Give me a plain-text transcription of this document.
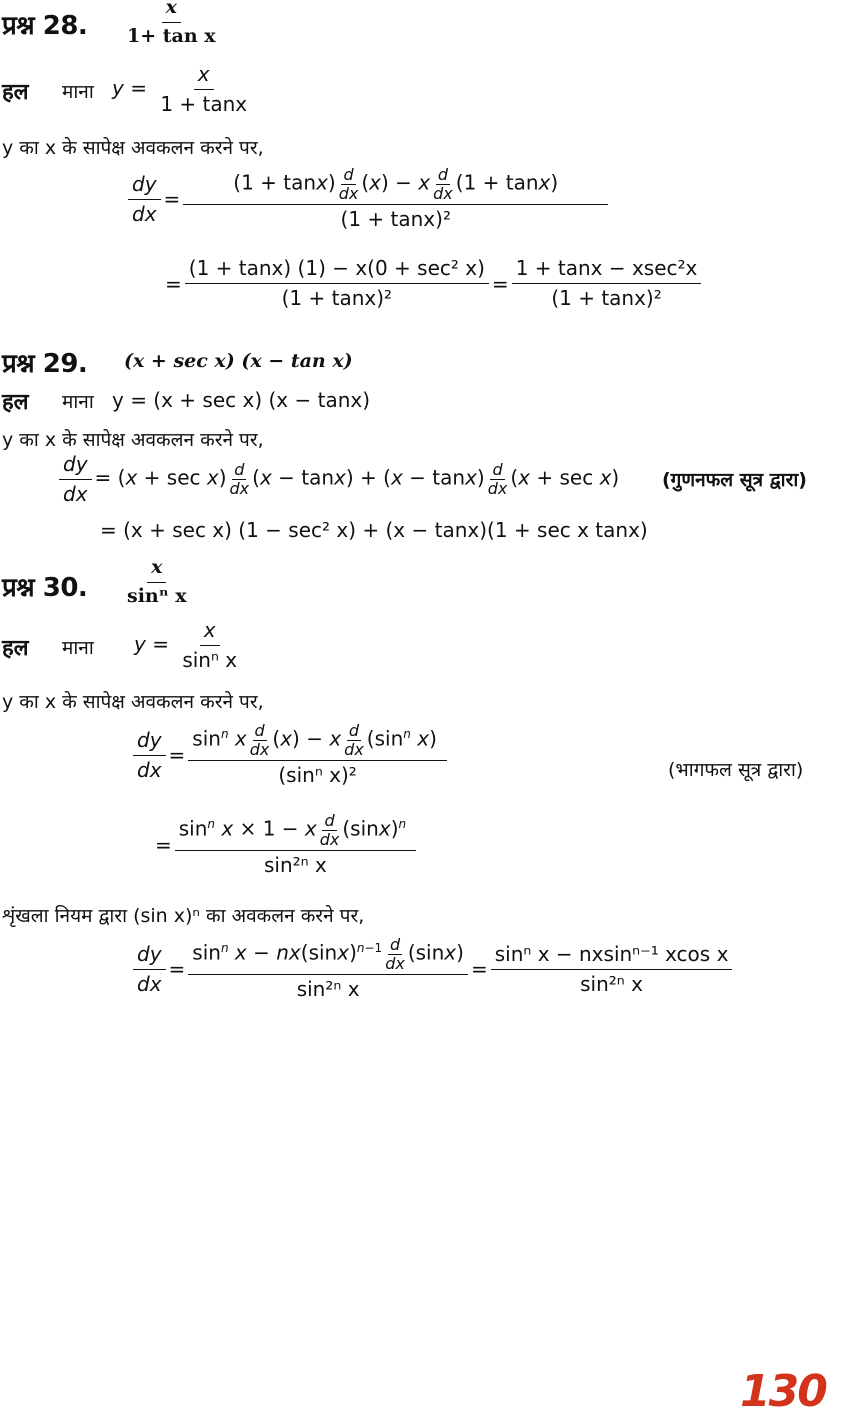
प्रश्न 28. $\frac{x}{\text{1+ tan x}}$
हल माना $y = \frac{x}{1 + \tan x}$
y का x के सापेक्ष अवकलन करने पर,
$\frac{dy}{dx} = \frac{(1 + \tan x) \frac{d}{dx} (x) - x \frac{d}{dx} (1 + \tan x)}{\text{(1 + tanx)²}}$
= $\frac{\text{(1 + tanx) (1) − x(0 + sec² x)}}{\text{(1 + tanx)²}} = \frac{\text{1 + tanx − xsec²x}}{\text{(1 + tanx)²}}$
प्रश्न 29. (x + sec x) (x − tan x)
हल माना y = (x + sec x) (x − tanx)
y का x के सापेक्ष अवकलन करने पर,
$\frac{dy}{dx} = (x + \sec x) \frac{d}{dx} (x - \tan x) + (x - \tan x) \frac{d}{dx} (x + \sec x)$ (गुणनफल सूत्र द्वारा)
= (x + sec x) (1 − sec² x) + (x − tanx)(1 + sec x tanx)
प्रश्न 30. $\frac{x}{\text{sinⁿ x}}$
हल माना $y = \frac{x}{\text{sinⁿ x}}$
y का x के सापेक्ष अवकलन करने पर,
$\frac{dy}{dx} = \frac{\sin^n x \frac{d}{dx} (x) - x \frac{d}{dx} (\sin^n x)}{\text{(sinⁿ x)²}}$	(भागफल सूत्र द्वारा)
= $\frac{\sin^n x \times 1 - x \frac{d}{dx} (\sin x)^n}{\text{sin²ⁿ x}}$
शृंखला नियम द्वारा (sin x)ⁿ का अवकलन करने पर,
$\frac{dy}{dx} = \frac{\sin^n x - nx(\sin x)^{n-1} \frac{d}{dx} (\sin x)}{\text{sin²ⁿ x}} = \frac{\text{sinⁿ x − nxsinⁿ⁻¹ xcos x}}{\text{sin²ⁿ x}}$
130
